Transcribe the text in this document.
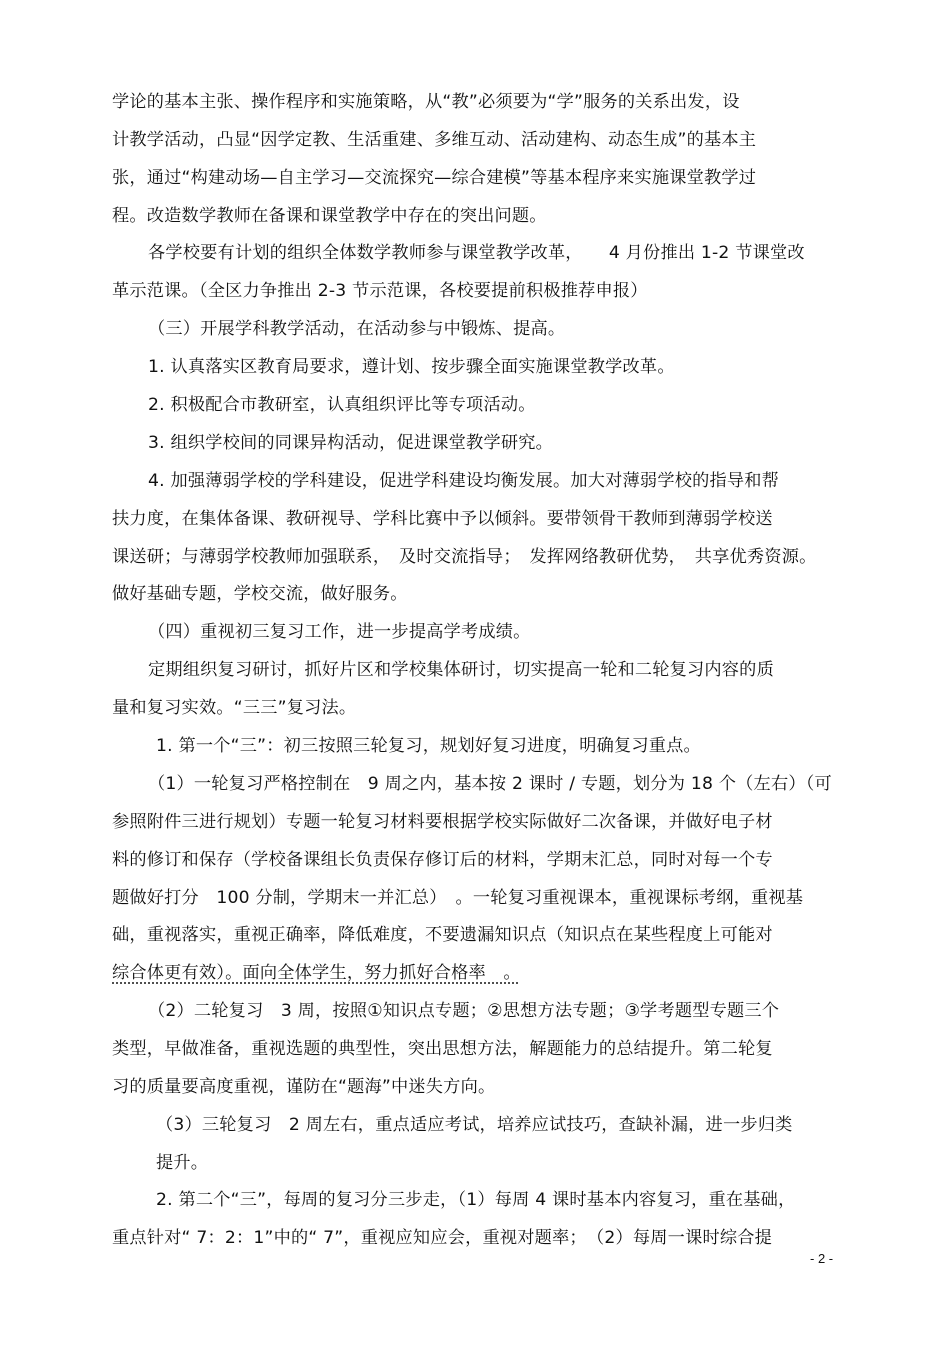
学论的基本主张、操作程序和实施策略，从“教”必须要为“学”服务的关系出发，设
计教学活动，凸显“因学定教、生活重建、多维互动、活动建构、动态生成”的基本主
张，通过“构建动场—自主学习—交流探究—综合建模”等基本程序来实施课堂教学过
程。改造数学教师在备课和课堂教学中存在的突出问题。
各学校要有计划的组织全体数学教师参与课堂教学改革，　　4 月份推出 1-2 节课堂改
革示范课。（全区力争推出 2-3 节示范课，各校要提前积极推荐申报）
（三）开展学科教学活动，在活动参与中锻炼、提高。
1. 认真落实区教育局要求，遵计划、按步骤全面实施课堂教学改革。
2. 积极配合市教研室，认真组织评比等专项活动。
3. 组织学校间的同课异构活动，促进课堂教学研究。
4. 加强薄弱学校的学科建设，促进学科建设均衡发展。加大对薄弱学校的指导和帮
扶力度，在集体备课、教研视导、学科比赛中予以倾斜。要带领骨干教师到薄弱学校送
课送研；与薄弱学校教师加强联系，　及时交流指导；　发挥网络教研优势，　共享优秀资源。
做好基础专题，学校交流，做好服务。
（四）重视初三复习工作，进一步提高学考成绩。
定期组织复习研讨，抓好片区和学校集体研讨，切实提高一轮和二轮复习内容的质
量和复习实效。“三三”复习法。
1. 第一个“三”：初三按照三轮复习，规划好复习进度，明确复习重点。
（1）一轮复习严格控制在　9 周之内，基本按 2 课时 / 专题，划分为 18 个（左右）（可
参照附件三进行规划）专题一轮复习材料要根据学校实际做好二次备课，并做好电子材
料的修订和保存（学校备课组长负责保存修订后的材料，学期末汇总，同时对每一个专
题做好打分　100 分制，学期末一并汇总）　。一轮复习重视课本，重视课标考纲，重视基
础，重视落实，重视正确率，降低难度，不要遗漏知识点（知识点在某些程度上可能对
综合体更有效）。面向全体学生，努力抓好合格率　。
（2）二轮复习　3 周，按照①知识点专题；②思想方法专题；③学考题型专题三个
类型，早做准备，重视选题的典型性，突出思想方法，解题能力的总结提升。第二轮复
习的质量要高度重视，谨防在“题海”中迷失方向。
（3）三轮复习　2 周左右，重点适应考试，培养应试技巧，查缺补漏，进一步归类
提升。
2. 第二个“三”，每周的复习分三步走，（1）每周 4 课时基本内容复习，重在基础，
重点针对“ 7：2：1”中的“ 7”，重视应知应会，重视对题率；　（2）每周一课时综合提
- 2 -
